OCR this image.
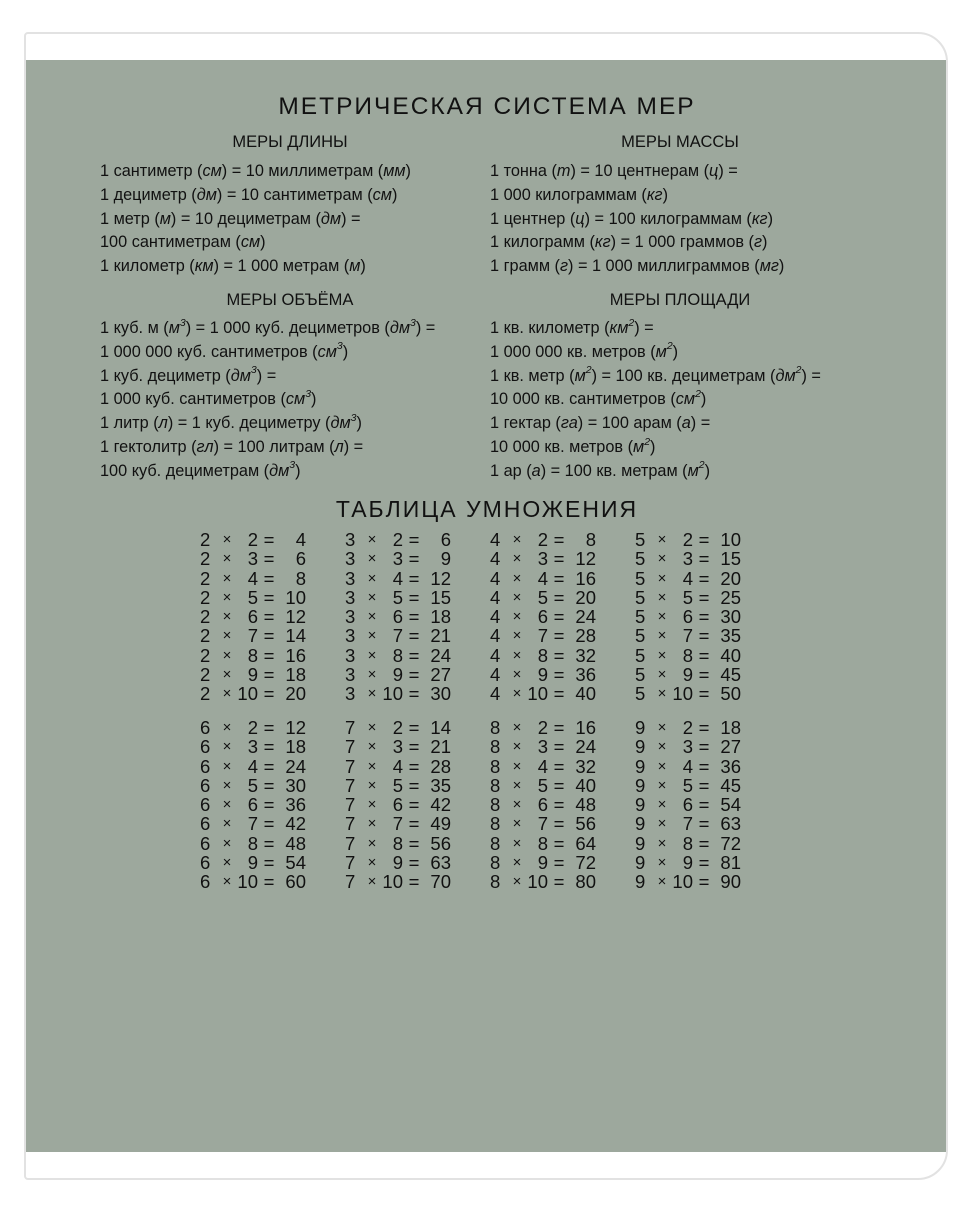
МЕТРИЧЕСКАЯ СИСТЕМА МЕР
МЕРЫ ДЛИНЫ	МЕРЫ МАССЫ
1 сантиметр (см) = 10 миллиметрам (мм)
1 дециметр (дм) = 10 сантиметрам (см)
1 метр (м) = 10 дециметрам (дм) =
100 сантиметрам (см)
1 километр (км) = 1 000 метрам (м)
1 тонна (т) = 10 центнерам (ц) =
1 000 килограммам (кг)
1 центнер (ц) = 100 килограммам (кг)
1 килограмм (кг) = 1 000 граммов (г)
1 грамм (г) = 1 000 миллиграммов (мг)
МЕРЫ ОБЪЁМА	МЕРЫ ПЛОЩАДИ
1 куб. м $(м^3) = 1$ 000 куб. дециметров $(дм^3)$ =
1 000 000 куб. сантиметров $(см^3)$
1 куб. дециметр $(дм^3)$ =
1 000 куб. сантиметров $(см^3)$
1 литр (л) = 1 куб. дециметру $(дм^3)$
1 гектолитр (гл) = 100 литрам (л) =
100 куб. дециметрам $(дм^3)$
1 кв. километр $(км^2)$ =
1 000 000 кв. метров $(м^2)$
1 кв. метр $(м^2) = 100$ кв. дециметрам $(дм^2)$ =
10 000 кв. сантиметров $(см^2)$
1 гектар (га) = 100 арам (а) =
10 000 кв. метров $(м^2)$
1 ар (а) = 100 кв. метрам $(м^2)$
ТАБЛИЦА УМНОЖЕНИЯ
2 × 2 =	4
2 × 3 =	6
2 × 4 =	8
2 × 5 = 10
2 × 6 = 12
2 × 7 = 14
2 × 8 = 16
2 × 9 = 18
2 × 10 = 20
3 × 2 =	6
3 × 3 =	9
3 × 4 = 12
3 × 5 = 15
3 × 6 = 18
3 × 7 = 21
3 × 8 = 24
3 × 9 = 27
3 × 10 = 30
4 × 2 =	8
4 × 3 = 12
4 × 4 = 16
4 × 5 = 20
4 × 6 = 24
4 × 7 = 28
4 × 8 = 32
4 × 9 = 36
4 × 10 = 40
5 × 2 = 10
5 × 3 = 15
5 × 4 = 20
5 × 5 = 25
5 × 6 = 30
5 × 7 = 35
5 × 8 = 40
5 × 9 = 45
5 × 10 = 50
6 × 2 = 12
6 × 3 = 18
6 × 4 = 24
6 × 5 = 30
6 × 6 = 36
6 × 7 = 42
6 × 8 = 48
6 × 9 = 54
6 × 10 = 60
7 × 2 = 14
7 × 3 = 21
7 × 4 = 28
7 × 5 = 35
7 × 6 = 42
7 × 7 = 49
7 × 8 = 56
7 × 9 = 63
7 × 10 = 70
8 × 2 = 16
8 × 3 = 24
8 × 4 = 32
8 × 5 = 40
8 × 6 = 48
8 × 7 = 56
8 × 8 = 64
8 × 9 = 72
8 × 10 = 80
9 × 2 = 18
9 × 3 = 27
9 × 4 = 36
9 × 5 = 45
9 × 6 = 54
9 × 7 = 63
9 × 8 = 72
9 × 9 = 81
9 × 10 = 90
